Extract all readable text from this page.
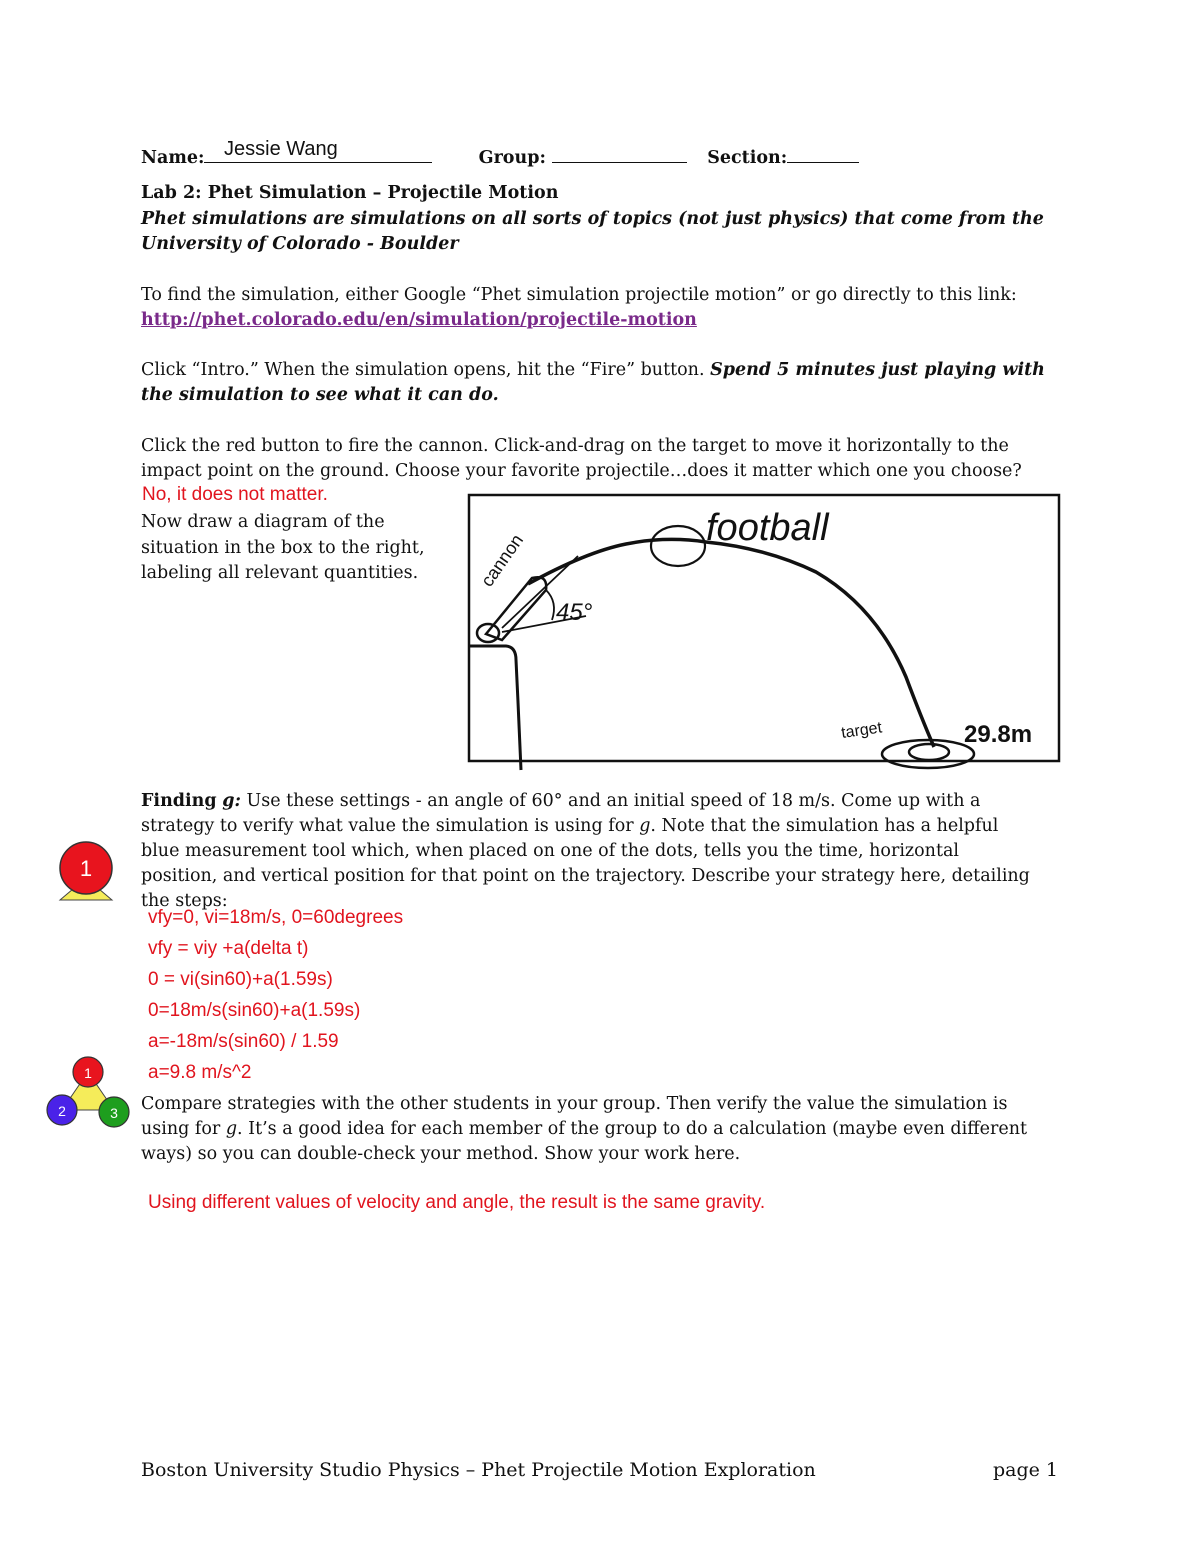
Name:	Group:	Section:
Jessie Wang
Lab 2: Phet Simulation – Projectile Motion
Phet simulations are simulations on all sorts of topics (not just physics) that come from the
University of Colorado - Boulder
To find the simulation, either Google “Phet simulation projectile motion” or go directly to this link:
http://phet.colorado.edu/en/simulation/projectile-motion
Click “Intro.” When the simulation opens, hit the “Fire” button. Spend 5 minutes just playing with
the simulation to see what it can do.
Click the red button to fire the cannon. Click-and-drag on the target to move it horizontally to the
impact point on the ground. Choose your favorite projectile…does it matter which one you choose?
No, it does not matter.
Now draw a diagram of the
situation in the box to the right,
labeling all relevant quantities.
football
cannon
45°
target	29.8m
1
Finding g: Use these settings - an angle of 60° and an initial speed of 18 m/s. Come up with a
strategy to verify what value the simulation is using for g. Note that the simulation has a helpful
blue measurement tool which, when placed on one of the dots, tells you the time, horizontal
position, and vertical position for that point on the trajectory. Describe your strategy here, detailing
the steps:
vfy=0, vi=18m/s, 0=60degrees
vfy = viy +a(delta t)
0 = vi(sin60)+a(1.59s)
0=18m/s(sin60)+a(1.59s)
a=-18m/s(sin60) / 1.59
a=9.8 m/s^2
1
2	3 Compare strategies with the other students in your group. Then verify the value the simulation is
using for g. It’s a good idea for each member of the group to do a calculation (maybe even different
ways) so you can double-check your method. Show your work here.
Using different values of velocity and angle, the result is the same gravity.
Boston University Studio Physics – Phet Projectile Motion Exploration	page 1
